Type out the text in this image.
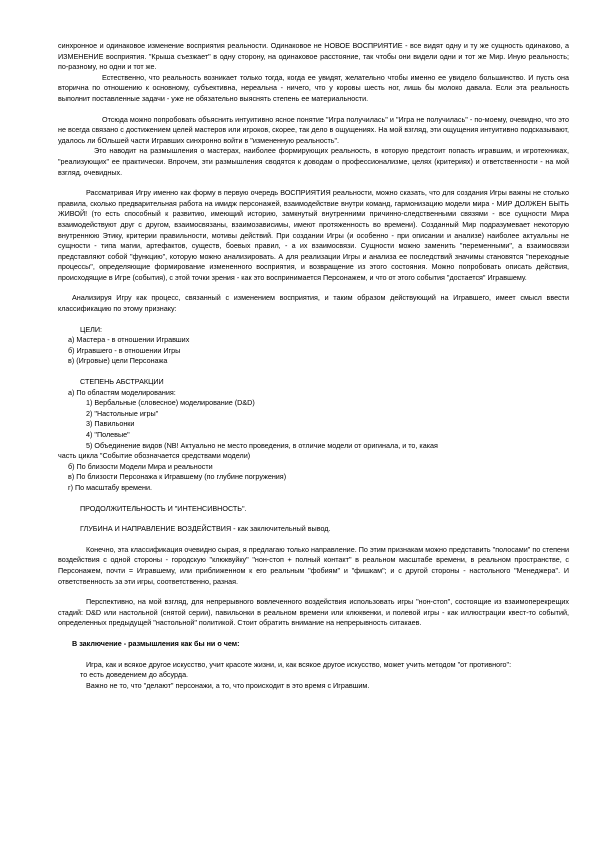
синхронное и одинаковое изменение восприятия реальности. Одинаковое не НОВОЕ ВОСПРИЯТИЕ - все видят одну и ту же сущность одинаково, а ИЗМЕНЕНИЕ восприятия. "Крыша съезжает" в одну сторону, на одинаковое расстояние, так чтобы они видели одни и тот же Мир. Иную реальность; по-разному, но одни и тот же.

Естественно, что реальность возникает только тогда, когда ее увидят, желательно чтобы именно ее увидело большинство. И пусть она вторична по отношению к основному, субъективна, нереальна - ничего, что у коровы шесть ног, лишь бы молоко давала. Если эта реальность выполнит поставленные задачи - уже не обязательно выяснять степень ее материальности.

Отсюда можно попробовать объяснить интуитивно ясное понятие "Игра получилась" и "Игра не получилась" - по-моему, очевидно, что это не всегда связано с достижением целей мастеров или игроков, скорее, так дело в ощущениях. На мой взгляд, эти ощущения интуитивно подсказывают, удалось ли бОльшей части Игравших синхронно войти в "измененную реальность".

Это наводит на размышления о мастерах, наиболее формирующих реальность, в которую предстоит попасть игравшим, и игротехниках, "реализующих" ее практически. Впрочем, эти размышления сводятся к доводам о профессионализме, целях (критериях) и ответственности - на мой взгляд, очевидных.

Рассматривая Игру именно как форму в первую очередь ВОСПРИЯТИЯ реальности, можно сказать, что для создания Игры важны не столько правила, сколько предварительная работа на имидж персонажей, взаимодействие внутри команд, гармонизацию модели мира - МИР ДОЛЖЕН БЫТЬ ЖИВОЙ! (то есть способный к развитию, имеющий историю, замкнутый внутренними причинно-следственными связями - все сущности Мира взаимодействуют друг с другом, взаимосвязаны, взаимозависимы, имеют протяженность во времени). Созданный Мир подразумевает некоторую внутреннюю Этику, критерии правильности, мотивы действий. При создании Игры (и особенно - при описании и анализе) наиболее актуальны не сущности - типа магии, артефактов, существ, боевых правил, - а их взаимосвязи. Сущности можно заменить "переменными", а взаимосвязи представляют собой "функцию", которую можно анализировать. А для реализации Игры и анализа ее последствий значимы становятся "переходные процессы", определяющие формирование измененного восприятия, и возвращение из этого состояния. Можно попробовать описать действия, происходящие в Игре (события), с этой точки зрения - как это воспринимается Персонажем, и что от этого события "достается" Игравшему.

Анализируя Игру как процесс, связанный с изменением восприятия, и таким образом действующий на Игравшего, имеет смысл ввести классификацию по этому признаку:

ЦЕЛИ:

а) Мастера - в отношении Игравших

б) Игравшего - в отношении Игры

в) (Игровые) цели Персонажа

СТЕПЕНЬ АБСТРАКЦИИ

а) По областям моделирования:

1) Вербальные (словесное) моделирование (D&D)

2) "Настольные игры"

3) Павильонки

4) "Полевые"

5) Объединение видов (NB! Актуально не место проведения, в отличие модели от оригинала, и то, какая

часть цикла "Событие обозначается средствами модели)

б) По близости Модели Мира и реальности

в) По близости Персонажа к Игравшему (по глубине погружения)

г) По масштабу времени.

ПРОДОЛЖИТЕЛЬНОСТЬ И "ИНТЕНСИВНОСТЬ".

ГЛУБИНА И НАПРАВЛЕНИЕ ВОЗДЕЙСТВИЯ - как заключительный вывод.

Конечно, эта классификация очевидно сырая, я предлагаю только направление. По этим признакам можно представить "полосами" по степени воздействия с одной стороны - городскую "клюквуйку" "нон-стоп + полный контакт" в реальном масштабе времени, в реальном пространстве, с Персонажем, почти = Игравшему, или приближенном к его реальным "фобиям" и "фишкам"; и с другой стороны - настольного "Менеджера". И ответственность за эти игры, соответственно, разная.

Перспективно, на мой взгляд, для непрерывного вовлеченного воздействия использовать игры "нон-стоп", состоящие из взаимоперекрещих стадий: D&D или настольной (снятой серии), павильонки в реальном времени или клюквенки, и полевой игры - как иллюстрации квест-то событий, определенных предыдущей "настольной" политикой. Стоит обратить внимание на непрерывность ситакаев.

В заключение - размышления как бы ни о чем:

Игра, как и всякое другое искусство, учит красоте жизни, и, как всякое другое искусство, может учить методом "от противного":

то есть доведением до абсурда.

Важно не то, что "делают" персонажи, а то, что происходит в это время с Игравшим.
